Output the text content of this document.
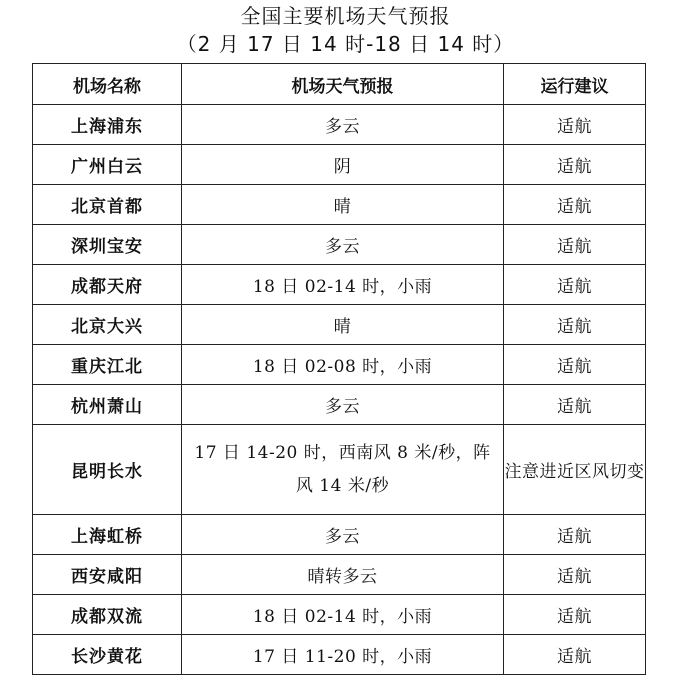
全国主要机场天气预报
（2 月 17 日 14 时-18 日 14 时）
机场名称	机场天气预报	运行建议
上海浦东	多云	适航
广州白云	阴	适航
北京首都	晴	适航
深圳宝安	多云	适航
成都天府	18 日 02-14 时，小雨	适航
北京大兴	晴	适航
重庆江北	18 日 02-08 时，小雨	适航
杭州萧山	多云	适航
昆明长水	17 日 14-20 时，西南风 8 米/秒，阵风 14 米/秒	注意进近区风切变
上海虹桥	多云	适航
西安咸阳	晴转多云	适航
成都双流	18 日 02-14 时，小雨	适航
长沙黄花	17 日 11-20 时，小雨	适航
